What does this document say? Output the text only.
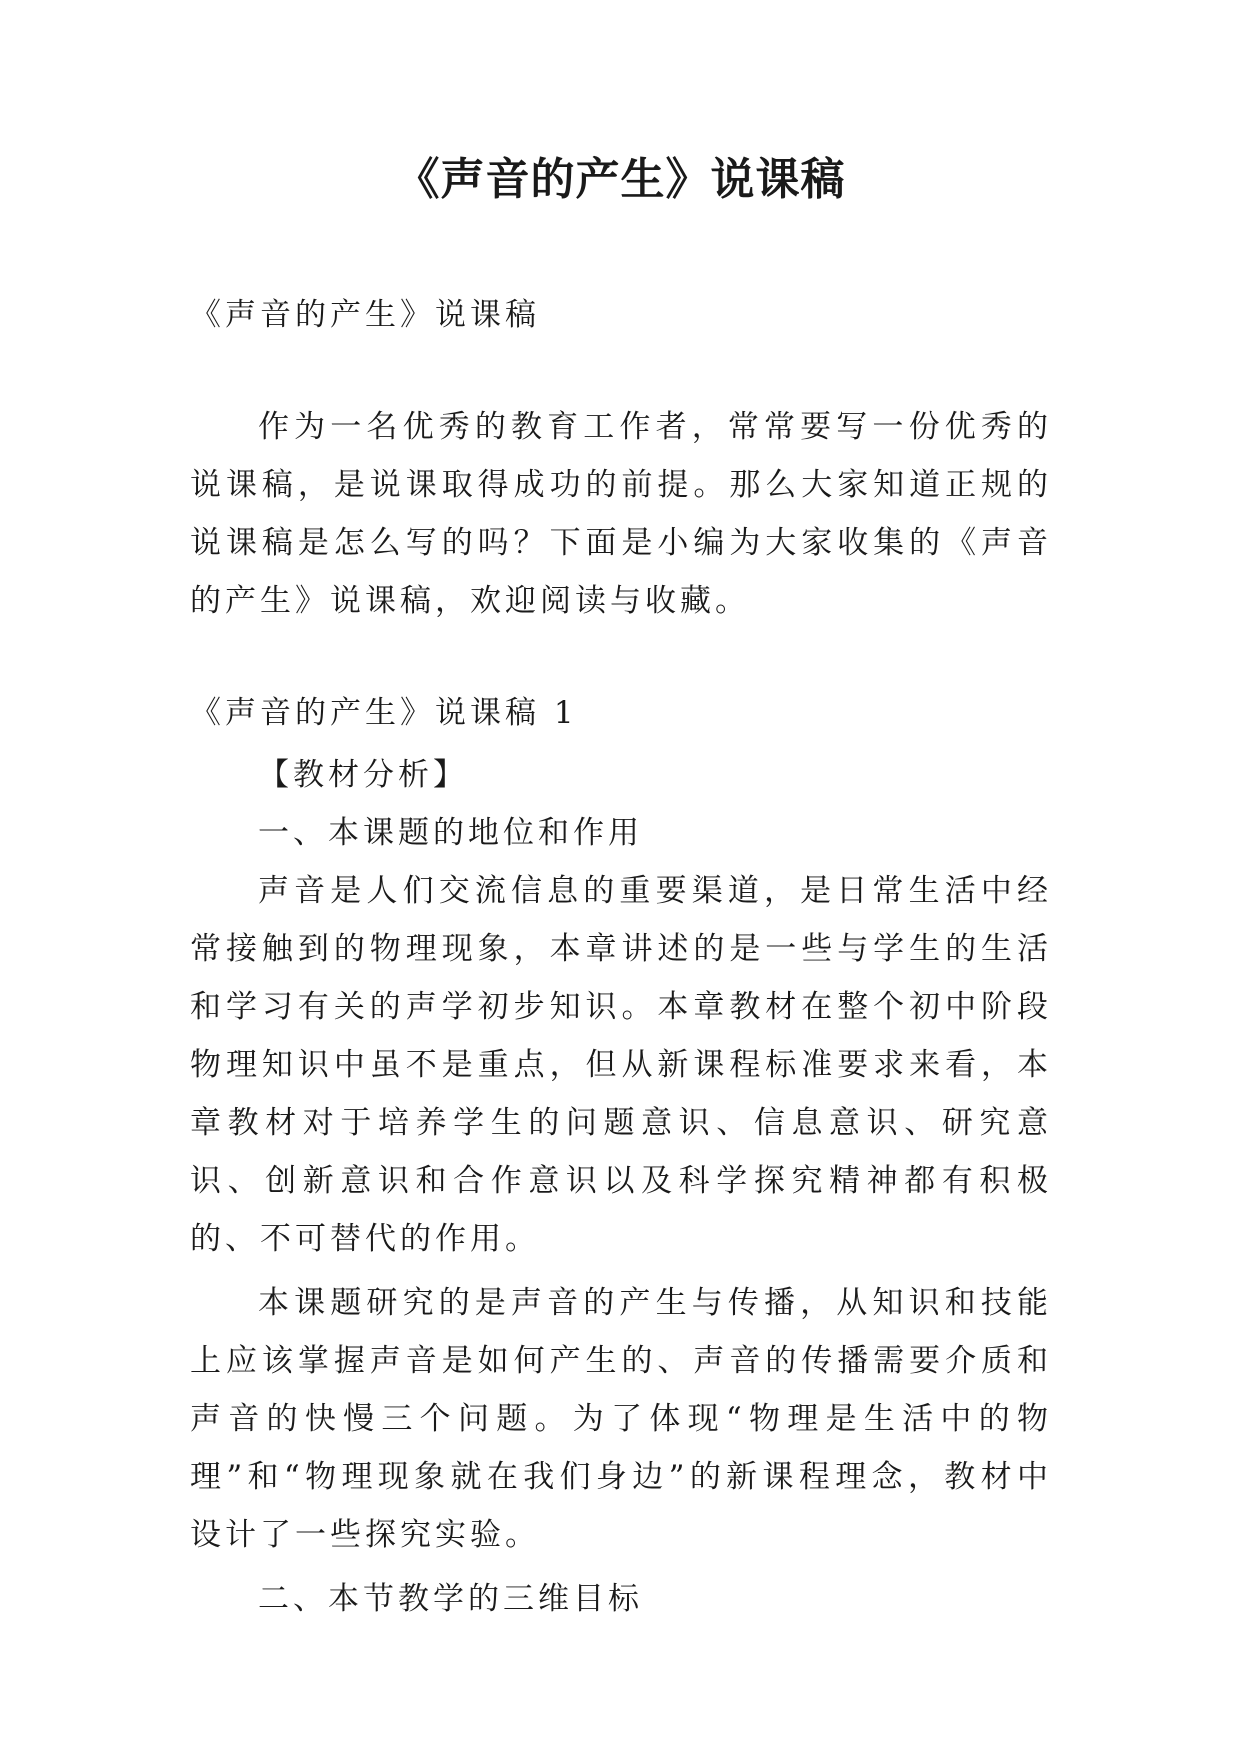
《声音的产生》说课稿

《声音的产生》说课稿

作为一名优秀的教育工作者，常常要写一份优秀的说课稿，是说课取得成功的前提。那么大家知道正规的说课稿是怎么写的吗？下面是小编为大家收集的《声音的产生》说课稿，欢迎阅读与收藏。

《声音的产生》说课稿 1

【教材分析】

一、本课题的地位和作用

声音是人们交流信息的重要渠道，是日常生活中经常接触到的物理现象，本章讲述的是一些与学生的生活和学习有关的声学初步知识。本章教材在整个初中阶段物理知识中虽不是重点，但从新课程标准要求来看，本章教材对于培养学生的问题意识、信息意识、研究意识、创新意识和合作意识以及科学探究精神都有积极的、不可替代的作用。

本课题研究的是声音的产生与传播，从知识和技能上应该掌握声音是如何产生的、声音的传播需要介质和声音的快慢三个问题。为了体现“物理是生活中的物理”和“物理现象就在我们身边”的新课程理念，教材中设计了一些探究实验。

二、本节教学的三维目标
